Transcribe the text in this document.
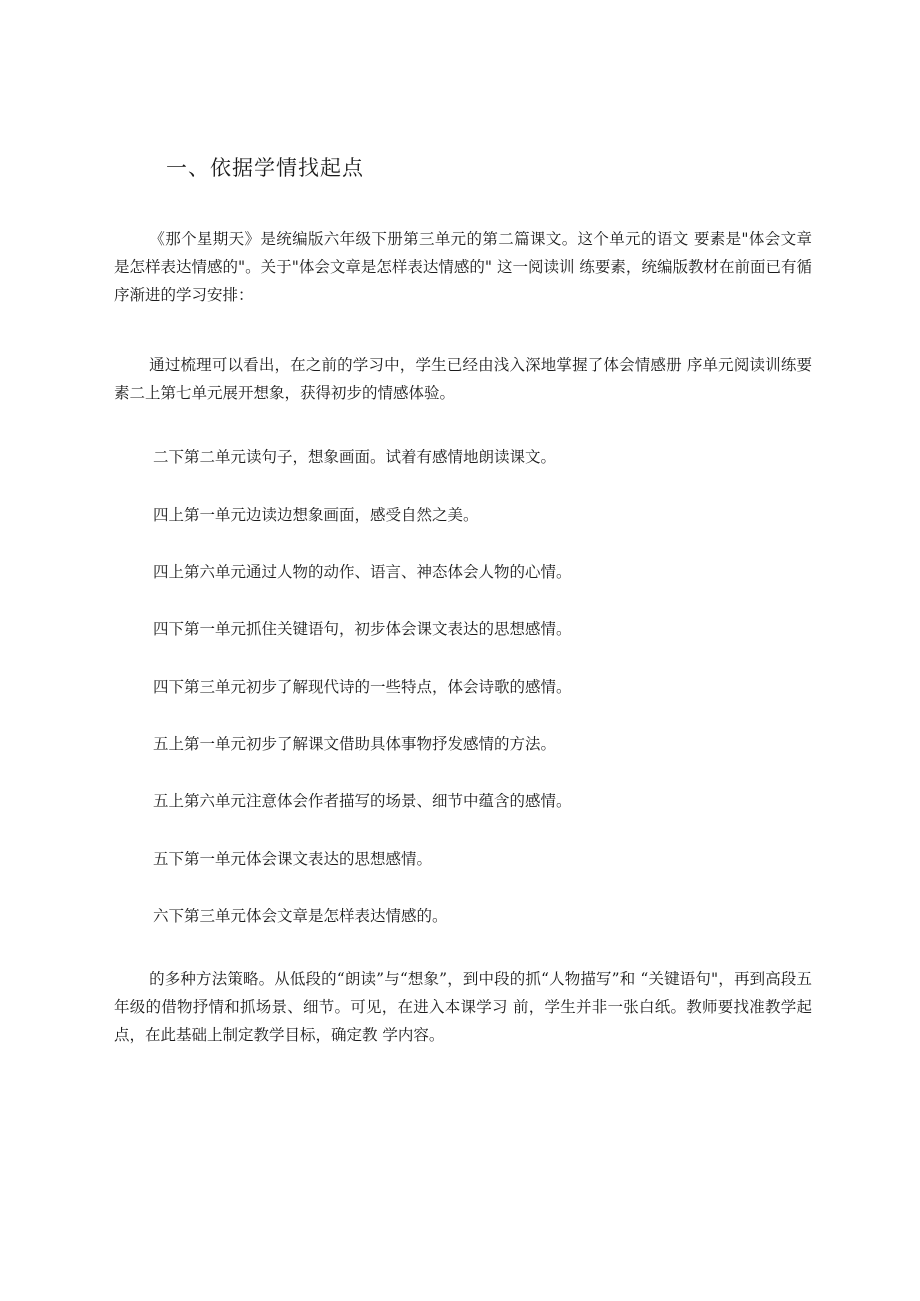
一、依据学情找起点

《那个星期天》是统编版六年级下册第三单元的第二篇课文。这个单元的语文 要素是"体会文章是怎样表达情感的"。关于"体会文章是怎样表达情感的" 这一阅读训 练要素，统编版教材在前面已有循序渐进的学习安排：

通过梳理可以看出，在之前的学习中，学生已经由浅入深地掌握了体会情感册 序单元阅读训练要素二上第七单元展开想象，获得初步的情感体验。

二下第二单元读句子，想象画面。试着有感情地朗读课文。

四上第一单元边读边想象画面，感受自然之美。

四上第六单元通过人物的动作、语言、神态体会人物的心情。

四下第一单元抓住关键语句，初步体会课文表达的思想感情。

四下第三单元初步了解现代诗的一些特点，体会诗歌的感情。

五上第一单元初步了解课文借助具体事物抒发感情的方法。

五上第六单元注意体会作者描写的场景、细节中蕴含的感情。

五下第一单元体会课文表达的思想感情。

六下第三单元体会文章是怎样表达情感的。

的多种方法策略。从低段的“朗读”与“想象”，到中段的抓“人物描写”和 “关键语句"，再到高段五年级的借物抒情和抓场景、细节。可见，在进入本课学习 前，学生并非一张白纸。教师要找准教学起点，在此基础上制定教学目标，确定教 学内容。
